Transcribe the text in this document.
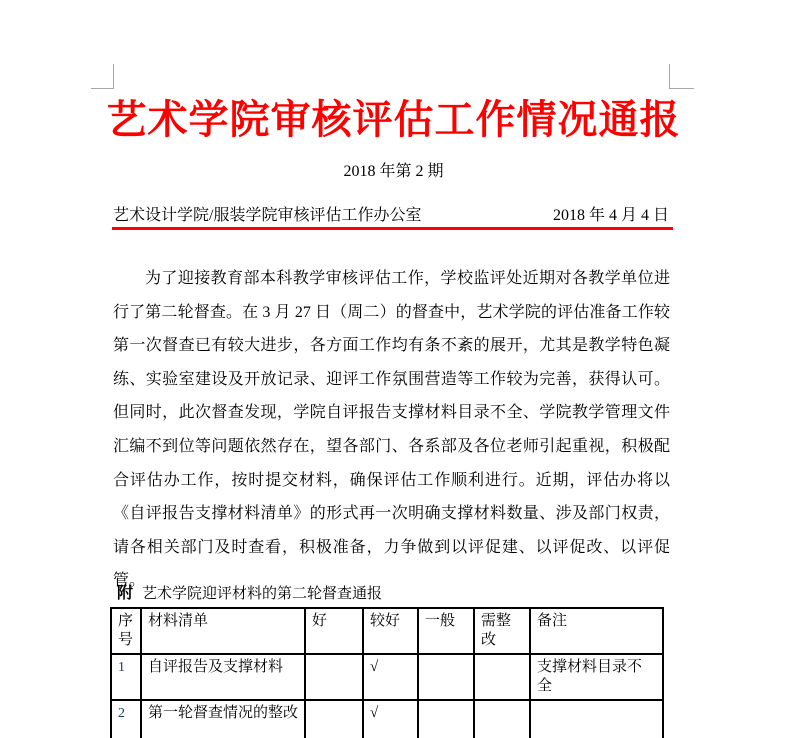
艺术学院审核评估工作情况通报
2018 年第 2 期
艺术设计学院/服装学院审核评估工作办公室	2018 年 4 月 4 日

为了迎接教育部本科教学审核评估工作，学校监评处近期对各教学单位进行了第二轮督查。在 3 月 27 日（周二）的督查中，艺术学院的评估准备工作较第一次督查已有较大进步，各方面工作均有条不紊的展开，尤其是教学特色凝练、实验室建设及开放记录、迎评工作氛围营造等工作较为完善，获得认可。但同时，此次督查发现，学院自评报告支撑材料目录不全、学院教学管理文件汇编不到位等问题依然存在，望各部门、各系部及各位老师引起重视，积极配合评估办工作，按时提交材料，确保评估工作顺利进行。近期，评估办将以《自评报告支撑材料清单》的形式再一次明确支撑材料数量、涉及部门权责，请各相关部门及时查看，积极准备，力争做到以评促建、以评促改、以评促管。

附 艺术学院迎评材料的第二轮督查通报
序号	材料清单	好	较好	一般	需整改	备注
1	自评报告及支撑材料		√			支撑材料目录不全
2	第一轮督查情况的整改		√			
